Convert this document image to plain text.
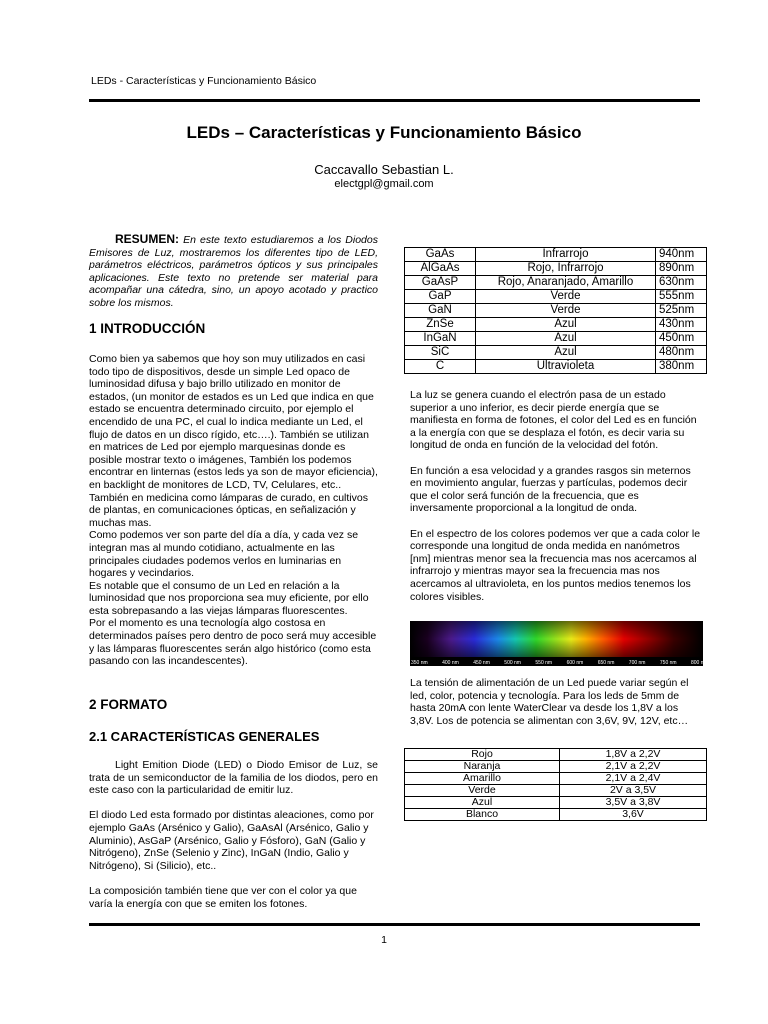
LEDs - Características y Funcionamiento Básico
LEDs – Características y Funcionamiento Básico
Caccavallo Sebastian L.
electgpl@gmail.com
RESUMEN: En este texto estudiaremos a los Diodos Emisores de Luz, mostraremos los diferentes tipo de LED, parámetros eléctricos, parámetros ópticos y sus principales aplicaciones. Este texto no pretende ser material para acompañar una cátedra, sino, un apoyo acotado y practico sobre los mismos.
1 INTRODUCCIÓN

Como bien ya sabemos que hoy son muy utilizados en casi todo tipo de dispositivos, desde un simple Led opaco de luminosidad difusa y bajo brillo utilizado en monitor de estados, (un monitor de estados es un Led que indica en que estado se encuentra determinado circuito, por ejemplo el encendido de una PC, el cual lo indica mediante un Led, el flujo de datos en un disco rígido, etc….). También se utilizan en matrices de Led por ejemplo marquesinas donde es posible mostrar texto o imágenes, También los podemos encontrar en linternas (estos leds ya son de mayor eficiencia), en backlight de monitores de LCD, TV, Celulares, etc.. También en medicina como lámparas de curado, en cultivos de plantas, en comunicaciones ópticas, en señalización y muchas mas.

Como podemos ver son parte del día a día, y cada vez se integran mas al mundo cotidiano, actualmente en las principales ciudades podemos verlos en luminarias en hogares y vecindarios.

Es notable que el consumo de un Led en relación a la luminosidad que nos proporciona sea muy eficiente, por ello esta sobrepasando a las viejas lámparas fluorescentes.

Por el momento es una tecnología algo costosa en determinados países pero dentro de poco será muy accesible y las lámparas fluorescentes serán algo histórico (como esta pasando con las incandescentes).

2 FORMATO
2.1 CARACTERÍSTICAS GENERALES

Light Emition Diode (LED) o Diodo Emisor de Luz, se trata de un semiconductor de la familia de los diodos, pero en este caso con la particularidad de emitir luz.

El diodo Led esta formado por distintas aleaciones, como por ejemplo GaAs (Arsénico y Galio), GaAsAl (Arsénico, Galio y Aluminio), AsGaP (Arsénico, Galio y Fósforo), GaN (Galio y Nitrógeno), ZnSe (Selenio y Zinc), InGaN (Indio, Galio y Nitrógeno), Si (Silicio), etc..

La composición también tiene que ver con el color ya que varía la energía con que se emiten los fotones.

GaAs	Infrarrojo	940nm
AlGaAs	Rojo, Infrarrojo	890nm
GaAsP	Rojo, Anaranjado, Amarillo	630nm
GaP	Verde	555nm
GaN	Verde	525nm
ZnSe	Azul	430nm
InGaN	Azul	450nm
SiC	Azul	480nm
C	Ultravioleta	380nm

La luz se genera cuando el electrón pasa de un estado superior a uno inferior, es decir pierde energía que se manifiesta en forma de fotones, el color del Led es en función a la energía con que se desplaza el fotón, es decir varia su longitud de onda en función de la velocidad del fotón.

En función a esa velocidad y a grandes rasgos sin meternos en movimiento angular, fuerzas y partículas, podemos decir que el color será función de la frecuencia, que es inversamente proporcional a la longitud de onda.

En el espectro de los colores podemos ver que a cada color le corresponde una longitud de onda medida en nanómetros [nm] mientras menor sea la frecuencia mas nos acercamos al infrarrojo y mientras mayor sea la frecuencia mas nos acercamos al ultravioleta, en los puntos medios tenemos los colores visibles.

350 nm	400 nm	450 nm	500 nm	550 nm	600 nm	650 nm	700 nm	750 nm	800 nm
La tensión de alimentación de un Led puede variar según el led, color, potencia y tecnología. Para los leds de 5mm de hasta 20mA con lente WaterClear va desde los 1,8V a los 3,8V. Los de potencia se alimentan con 3,6V, 9V, 12V, etc…
Rojo	1,8V a 2,2V
Naranja	2,1V a 2,2V
Amarillo	2,1V a 2,4V
Verde	2V a 3,5V
Azul	3,5V a 3,8V
Blanco	3,6V
1
